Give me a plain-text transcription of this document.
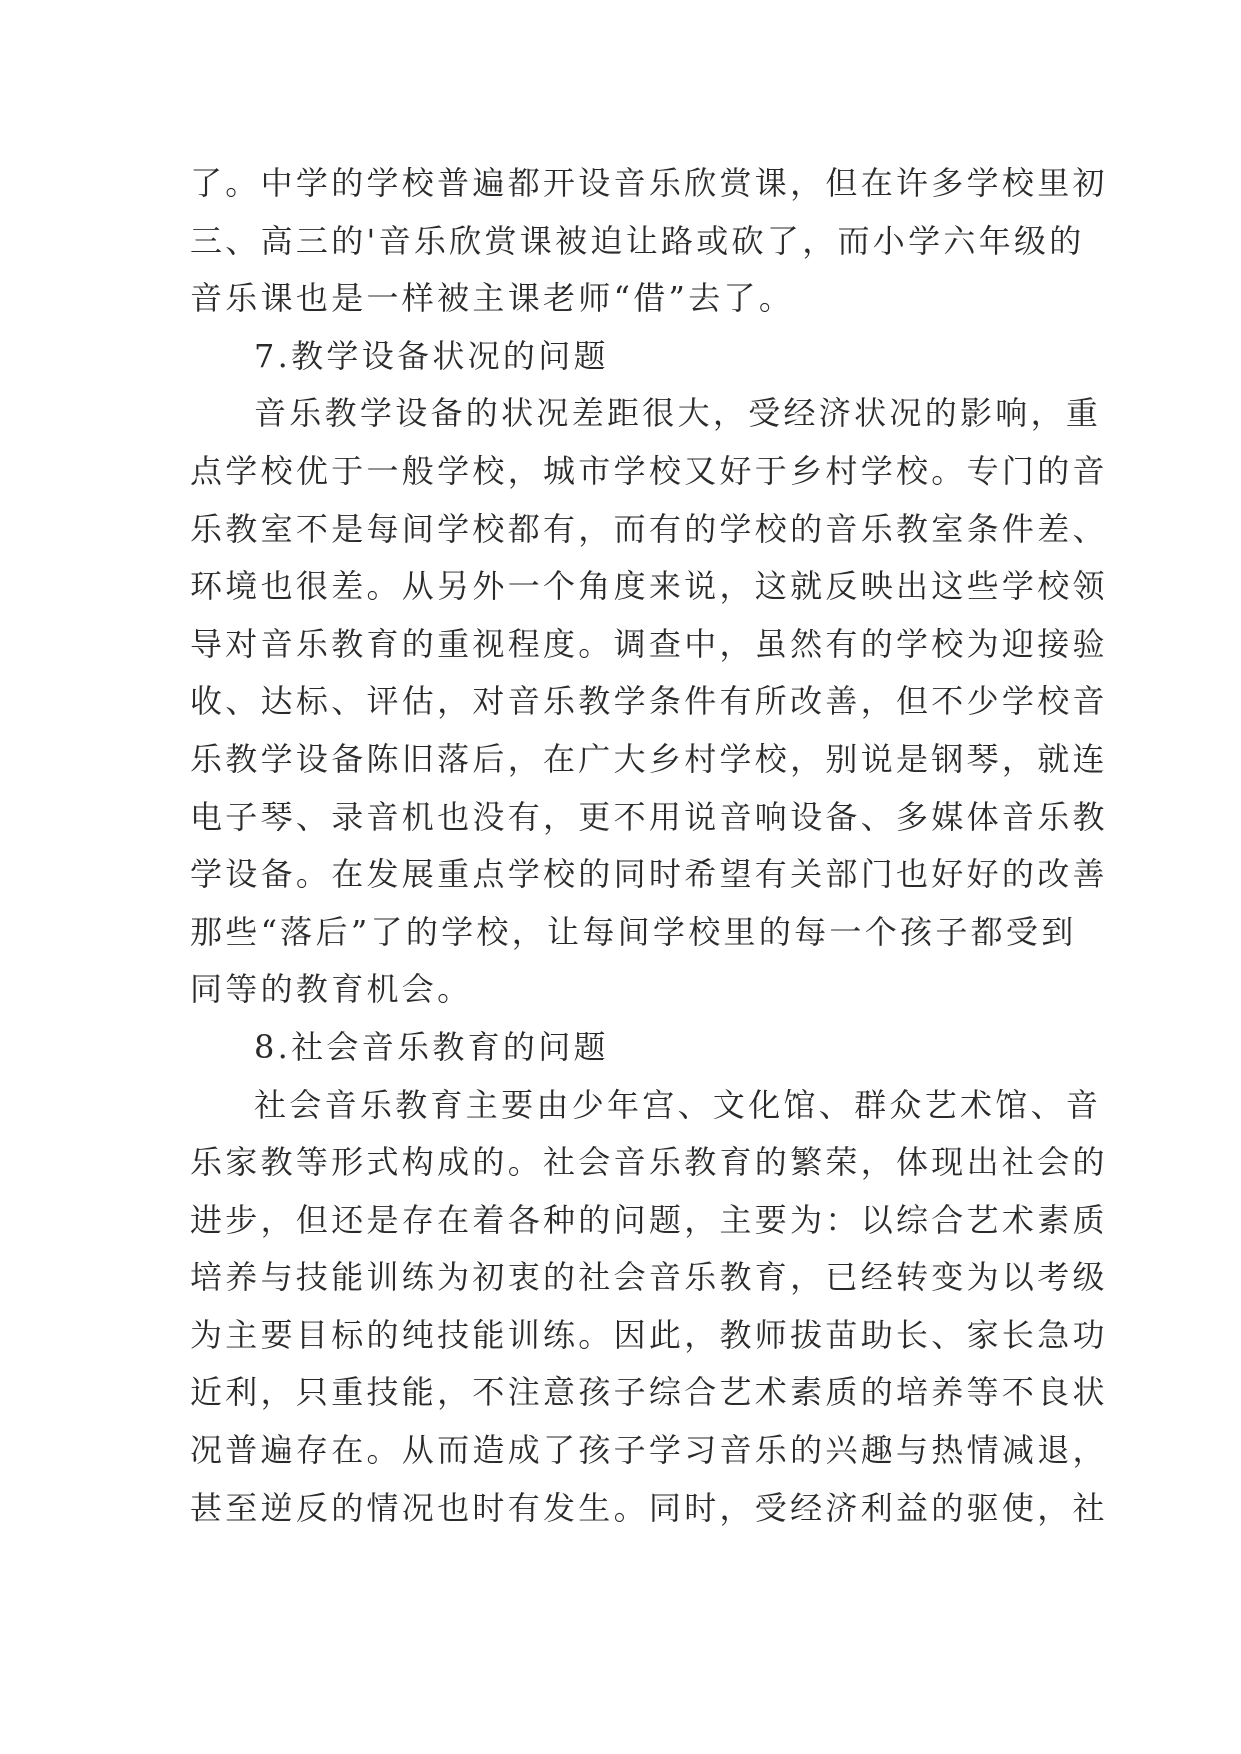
了。中学的学校普遍都开设音乐欣赏课，但在许多学校里初
三、高三的'音乐欣赏课被迫让路或砍了，而小学六年级的
音乐课也是一样被主课老师“借”去了。

7.教学设备状况的问题

音乐教学设备的状况差距很大，受经济状况的影响，重
点学校优于一般学校，城市学校又好于乡村学校。专门的音
乐教室不是每间学校都有，而有的学校的音乐教室条件差、
环境也很差。从另外一个角度来说，这就反映出这些学校领
导对音乐教育的重视程度。调查中，虽然有的学校为迎接验
收、达标、评估，对音乐教学条件有所改善，但不少学校音
乐教学设备陈旧落后，在广大乡村学校，别说是钢琴，就连
电子琴、录音机也没有，更不用说音响设备、多媒体音乐教
学设备。在发展重点学校的同时希望有关部门也好好的改善
那些“落后”了的学校，让每间学校里的每一个孩子都受到
同等的教育机会。

8.社会音乐教育的问题

社会音乐教育主要由少年宫、文化馆、群众艺术馆、音
乐家教等形式构成的。社会音乐教育的繁荣，体现出社会的
进步，但还是存在着各种的问题，主要为：以综合艺术素质
培养与技能训练为初衷的社会音乐教育，已经转变为以考级
为主要目标的纯技能训练。因此，教师拔苗助长、家长急功
近利，只重技能，不注意孩子综合艺术素质的培养等不良状
况普遍存在。从而造成了孩子学习音乐的兴趣与热情减退，
甚至逆反的情况也时有发生。同时，受经济利益的驱使，社
